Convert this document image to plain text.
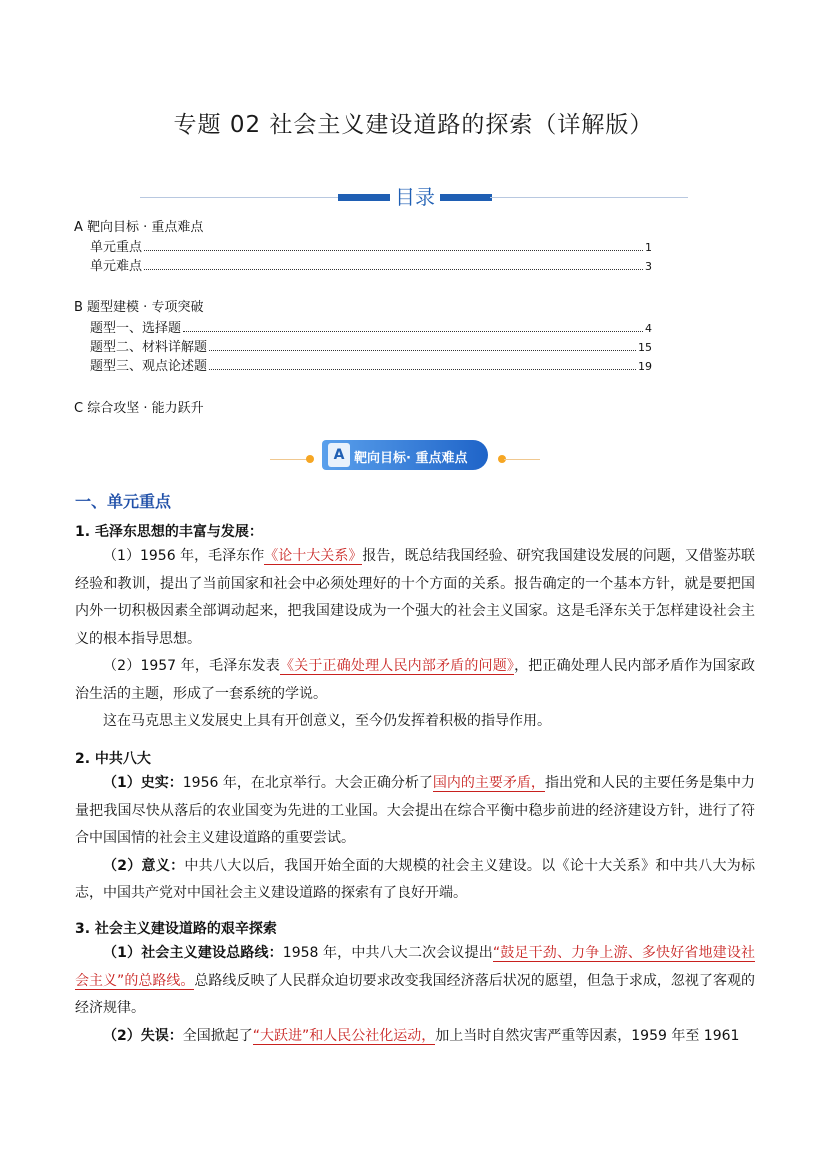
专题 02 社会主义建设道路的探索（详解版）
目录
A 靶向目标 · 重点难点
单元重点	1
单元难点	3
B 题型建模 · 专项突破
题型一、选择题	4
题型二、材料详解题	15
题型三、观点论述题	19
C 综合攻坚 · 能力跃升
A 靶向目标· 重点难点
一、单元重点
1. 毛泽东思想的丰富与发展：

（1）1956 年，毛泽东作《论十大关系》报告，既总结我国经验、研究我国建设发展的问题，又借鉴苏联经验和教训，提出了当前国家和社会中必须处理好的十个方面的关系。报告确定的一个基本方针，就是要把国内外一切积极因素全部调动起来，把我国建设成为一个强大的社会主义国家。这是毛泽东关于怎样建设社会主义的根本指导思想。

（2）1957 年，毛泽东发表《关于正确处理人民内部矛盾的问题》，把正确处理人民内部矛盾作为国家政治生活的主题，形成了一套系统的学说。

这在马克思主义发展史上具有开创意义，至今仍发挥着积极的指导作用。

2. 中共八大

（1）史实：1956 年，在北京举行。大会正确分析了国内的主要矛盾，指出党和人民的主要任务是集中力量把我国尽快从落后的农业国变为先进的工业国。大会提出在综合平衡中稳步前进的经济建设方针，进行了符合中国国情的社会主义建设道路的重要尝试。

（2）意义：中共八大以后，我国开始全面的大规模的社会主义建设。以《论十大关系》和中共八大为标志，中国共产党对中国社会主义建设道路的探索有了良好开端。

3. 社会主义建设道路的艰辛探索

（1）社会主义建设总路线：1958 年，中共八大二次会议提出“鼓足干劲、力争上游、多快好省地建设社会主义”的总路线。总路线反映了人民群众迫切要求改变我国经济落后状况的愿望，但急于求成，忽视了客观的经济规律。

（2）失误：全国掀起了“大跃进”和人民公社化运动，加上当时自然灾害严重等因素，1959 年至 1961
